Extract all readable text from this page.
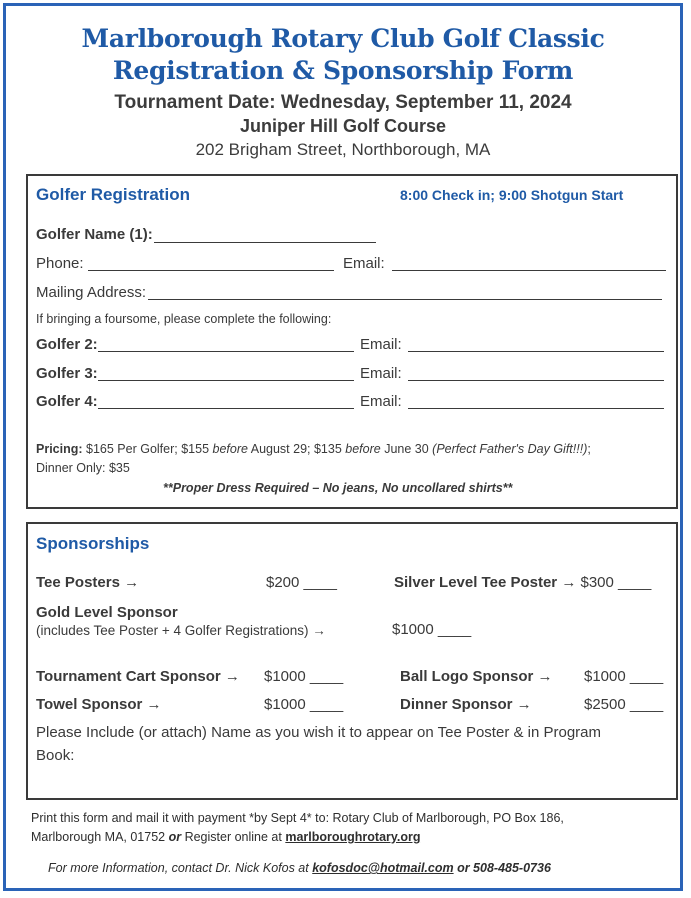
Marlborough Rotary Club Golf Classic
Registration & Sponsorship Form
Tournament Date: Wednesday, September 11, 2024
Juniper Hill Golf Course
202 Brigham Street, Northborough, MA
Golfer Registration	8:00 Check in; 9:00 Shotgun Start
Golfer Name (1):
Phone:	Email:
Mailing Address:
If bringing a foursome, please complete the following:
Golfer 2:	Email:
Golfer 3:	Email:
Golfer 4:	Email:
Pricing: $165 Per Golfer; $155 before August 29; $135 before June 30 (Perfect Father's Day Gift!!!);
Dinner Only: $35
**Proper Dress Required – No jeans, No uncollared shirts**
Sponsorships
Tee Posters →	$200 ____	Silver Level Tee Poster → $300 ____
Gold Level Sponsor
(includes Tee Poster + 4 Golfer Registrations) →	$1000 ____
Tournament Cart Sponsor → $1000 ____	Ball Logo Sponsor → $1000 ____
Towel Sponsor →	$1000 ____	Dinner Sponsor →	$2500 ____
Please Include (or attach) Name as you wish it to appear on Tee Poster & in Program
Book:
Print this form and mail it with payment *by Sept 4* to: Rotary Club of Marlborough, PO Box 186,
Marlborough MA, 01752 or Register online at marlboroughrotary.org
For more Information, contact Dr. Nick Kofos at kofosdoc@hotmail.com or 508-485-0736
